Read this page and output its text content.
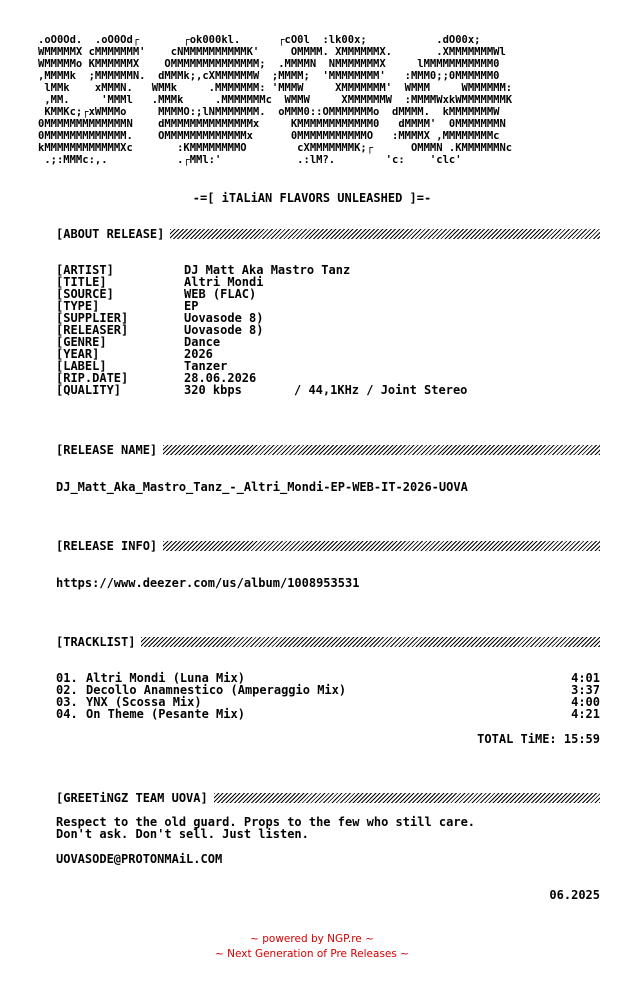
.oO0Od.  .oO0Od┌       ┌ok000kl.      ┌cO0l  :lk00x;           .dO00x;
WMMMMMX cMMMMMMM'    cNMMMMMMMMMMK'     OMMMM. XMMMMMMX.       .XMMMMMMMWl
WMMMMMo KMMMMMMX    OMMMMMMMMMMMMMM;  .MMMMN  NMMMMMMMX     lMMMMMMMMMMM0
,MMMMk  ;MMMMMMN.  dMMMk;,cXMMMMMMW  ;MMMM;  'MMMMMMMM'   :MMM0;;0MMMMMM0
lMMk    xMMMN.   WMMk     .MMMMMMM: 'MMMW     XMMMMMMM'  WMMM     WMMMMMM:
,MM.     'MMMl   .MMMk     .MMMMMMMc  WMMW     XMMMMMMW  :MMMMWxkWMMMMMMMK
KMMKc;┌xWMMMo     MMMMO:;lNMMMMMMM.  oMMM0::OMMMMMMMo  dMMMM.  kMMMMMMMW
0MMMMMMMMMMMMMN    dMMMMMMMMMMMMMMx     KMMMMMMMMMMMM0   dMMMM'  0MMMMMMMN
0MMMMMMMMMMMMM.    OMMMMMMMMMMMMMx      0MMMMMMMMMMMO   :MMMMX ,MMMMMMMMc
kMMMMMMMMMMMMXc       :KMMMMMMMMO        cXMMMMMMMK;┌      OMMMN .KMMMMMMNc
.;:MMMc:,.           .┌MMl:'            .:lM?.        'c:    'clc'
-=[ iTALiAN FLAVORS UNLEASHED ]=-
[ABOUT RELEASE]
[ARTIST]	DJ Matt Aka Mastro Tanz
[TITLE]	Altri Mondi
[SOURCE]	WEB (FLAC)
[TYPE]	EP
[SUPPLIER]	Uovasode 8)
[RELEASER]	Uovasode 8)
[GENRE]	Dance
[YEAR]	2026
[LABEL]	Tanzer
[RIP.DATE]	28.06.2026
[QUALITY]	320 kbps	/ 44,1KHz / Joint Stereo
[RELEASE NAME]
DJ_Matt_Aka_Mastro_Tanz_-_Altri_Mondi-EP-WEB-IT-2026-UOVA
[RELEASE INFO]
https://www.deezer.com/us/album/1008953531
[TRACKLIST]
01. Altri Mondi (Luna Mix)	4:01
02. Decollo Anamnestico (Amperaggio Mix)	3:37
03. YNX (Scossa Mix)	4:00
04. On Theme (Pesante Mix)	4:21
TOTAL TiME: 15:59
[GREETiNGZ TEAM UOVA]
Respect to the old guard. Props to the few who still care.
Don't ask. Don't sell. Just listen.
UOVASODE@PROTONMAiL.COM
06.2025
~ powered by NGP.re ~
~ Next Generation of Pre Releases ~
